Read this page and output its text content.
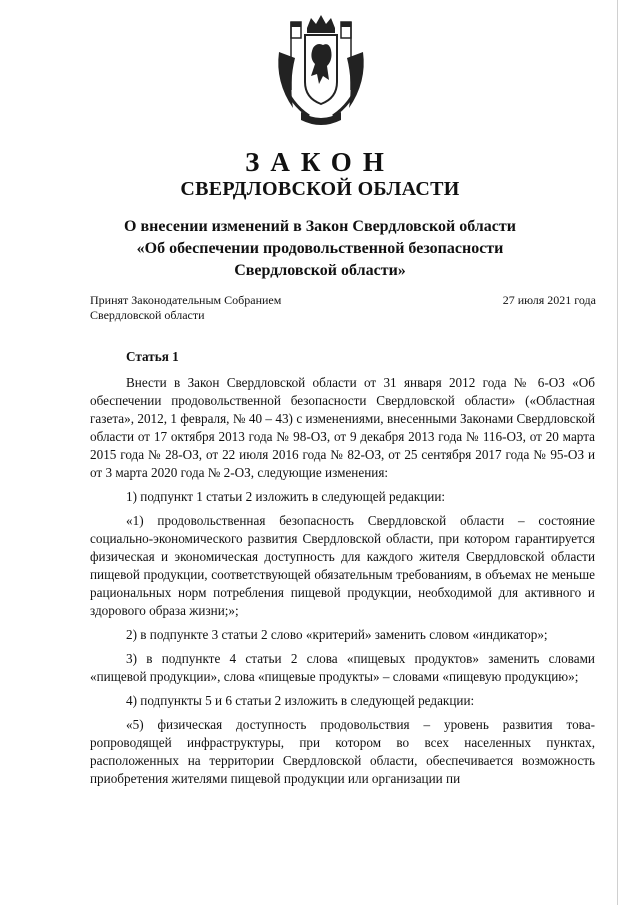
ЗАКОН
СВЕРДЛОВСКОЙ ОБЛАСТИ
О внесении изменений в Закон Свердловской области
«Об обеспечении продовольственной безопасности
Свердловской области»
Принят Законодательным Собранием
Свердловской области
27 июля 2021 года

Статья 1

Внести в Закон Свердловской области от 31 января 2012 года № 6-ОЗ «Об обеспечении продовольственной безопасности Свердловской области» («Областная газета», 2012, 1 февраля, № 40 – 43) с изменениями, внесенными Законами Свердловской области от 17 октября 2013 года № 98-ОЗ, от 9 декабря 2013 года № 116-ОЗ, от 20 марта 2015 года № 28-ОЗ, от 22 июля 2016 года № 82-ОЗ, от 25 сентября 2017 года № 95-ОЗ и от 3 марта 2020 года № 2-ОЗ, следующие изменения:

1) подпункт 1 статьи 2 изложить в следующей редакции:

«1) продовольственная безопасность Свердловской области – состояние социально-экономического развития Свердловской области, при котором гарантируется физическая и экономическая доступность для каждого жителя Свердловской области пищевой продукции, соответствующей обязательным требованиям, в объемах не меньше рациональных норм потребления пищевой продукции, необходимой для активного и здорового образа жизни;»;

2) в подпункте 3 статьи 2 слово «критерий» заменить словом «индикатор»;

3) в подпункте 4 статьи 2 слова «пищевых продуктов» заменить словами «пищевой продукции», слова «пищевые продукты» – словами «пищевую продукцию»;

4) подпункты 5 и 6 статьи 2 изложить в следующей редакции:

«5) физическая доступность продовольствия – уровень развития товаропроводящей инфраструктуры, при котором во всех населенных пунктах, расположенных на территории Свердловской области, обеспечивается возможность приобретения жителями пищевой продукции или организации пи
